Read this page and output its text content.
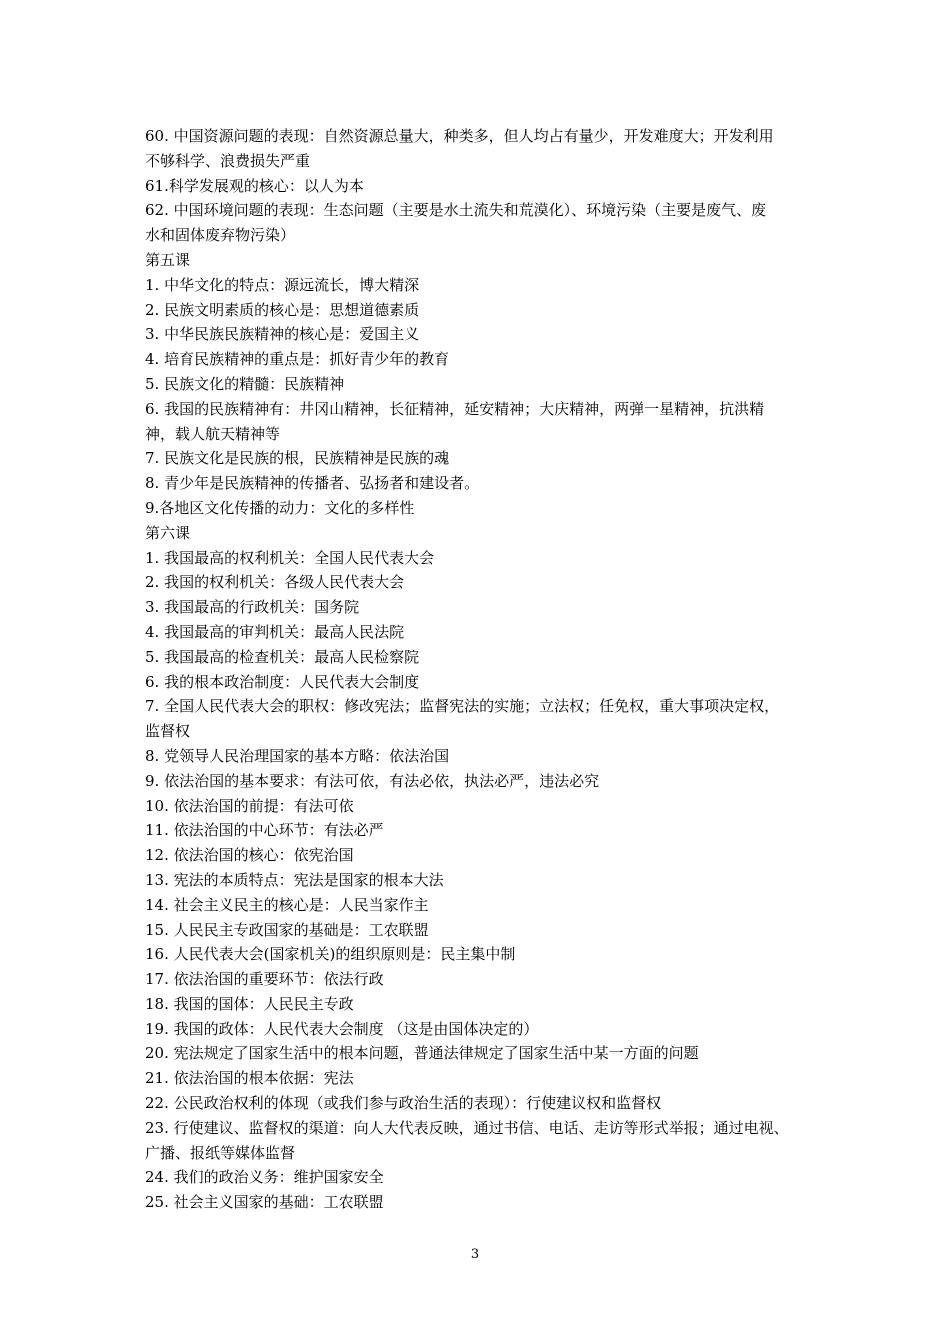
60. 中国资源问题的表现：自然资源总量大，种类多，但人均占有量少，开发难度大；开发利用
不够科学、浪费损失严重
61.科学发展观的核心：以人为本
62. 中国环境问题的表现：生态问题（主要是水土流失和荒漠化）、环境污染（主要是废气、废
水和固体废弃物污染）
第五课
1. 中华文化的特点：源远流长，博大精深
2. 民族文明素质的核心是：思想道德素质
3. 中华民族民族精神的核心是：爱国主义
4. 培育民族精神的重点是：抓好青少年的教育
5. 民族文化的精髓：民族精神
6. 我国的民族精神有：井冈山精神，长征精神，延安精神；大庆精神，两弹一星精神，抗洪精
神，载人航天精神等
7. 民族文化是民族的根，民族精神是民族的魂
8. 青少年是民族精神的传播者、弘扬者和建设者。
9.各地区文化传播的动力：文化的多样性
第六课
1. 我国最高的权利机关：全国人民代表大会
2. 我国的权利机关：各级人民代表大会
3. 我国最高的行政机关：国务院
4. 我国最高的审判机关：最高人民法院
5. 我国最高的检查机关：最高人民检察院
6. 我的根本政治制度：人民代表大会制度
7. 全国人民代表大会的职权：修改宪法；监督宪法的实施；立法权；任免权，重大事项决定权，
监督权
8. 党领导人民治理国家的基本方略：依法治国
9. 依法治国的基本要求：有法可依，有法必依，执法必严，违法必究
10. 依法治国的前提：有法可依
11. 依法治国的中心环节：有法必严
12. 依法治国的核心：依宪治国
13. 宪法的本质特点：宪法是国家的根本大法
14. 社会主义民主的核心是：人民当家作主
15. 人民民主专政国家的基础是：工农联盟
16. 人民代表大会(国家机关)的组织原则是：民主集中制
17. 依法治国的重要环节：依法行政
18. 我国的国体：人民民主专政
19. 我国的政体：人民代表大会制度 （这是由国体决定的）
20. 宪法规定了国家生活中的根本问题，普通法律规定了国家生活中某一方面的问题
21. 依法治国的根本依据：宪法
22. 公民政治权利的体现（或我们参与政治生活的表现）：行使建议权和监督权
23. 行使建议、监督权的渠道：向人大代表反映，通过书信、电话、走访等形式举报；通过电视、
广播、报纸等媒体监督
24. 我们的政治义务：维护国家安全
25. 社会主义国家的基础：工农联盟
3
